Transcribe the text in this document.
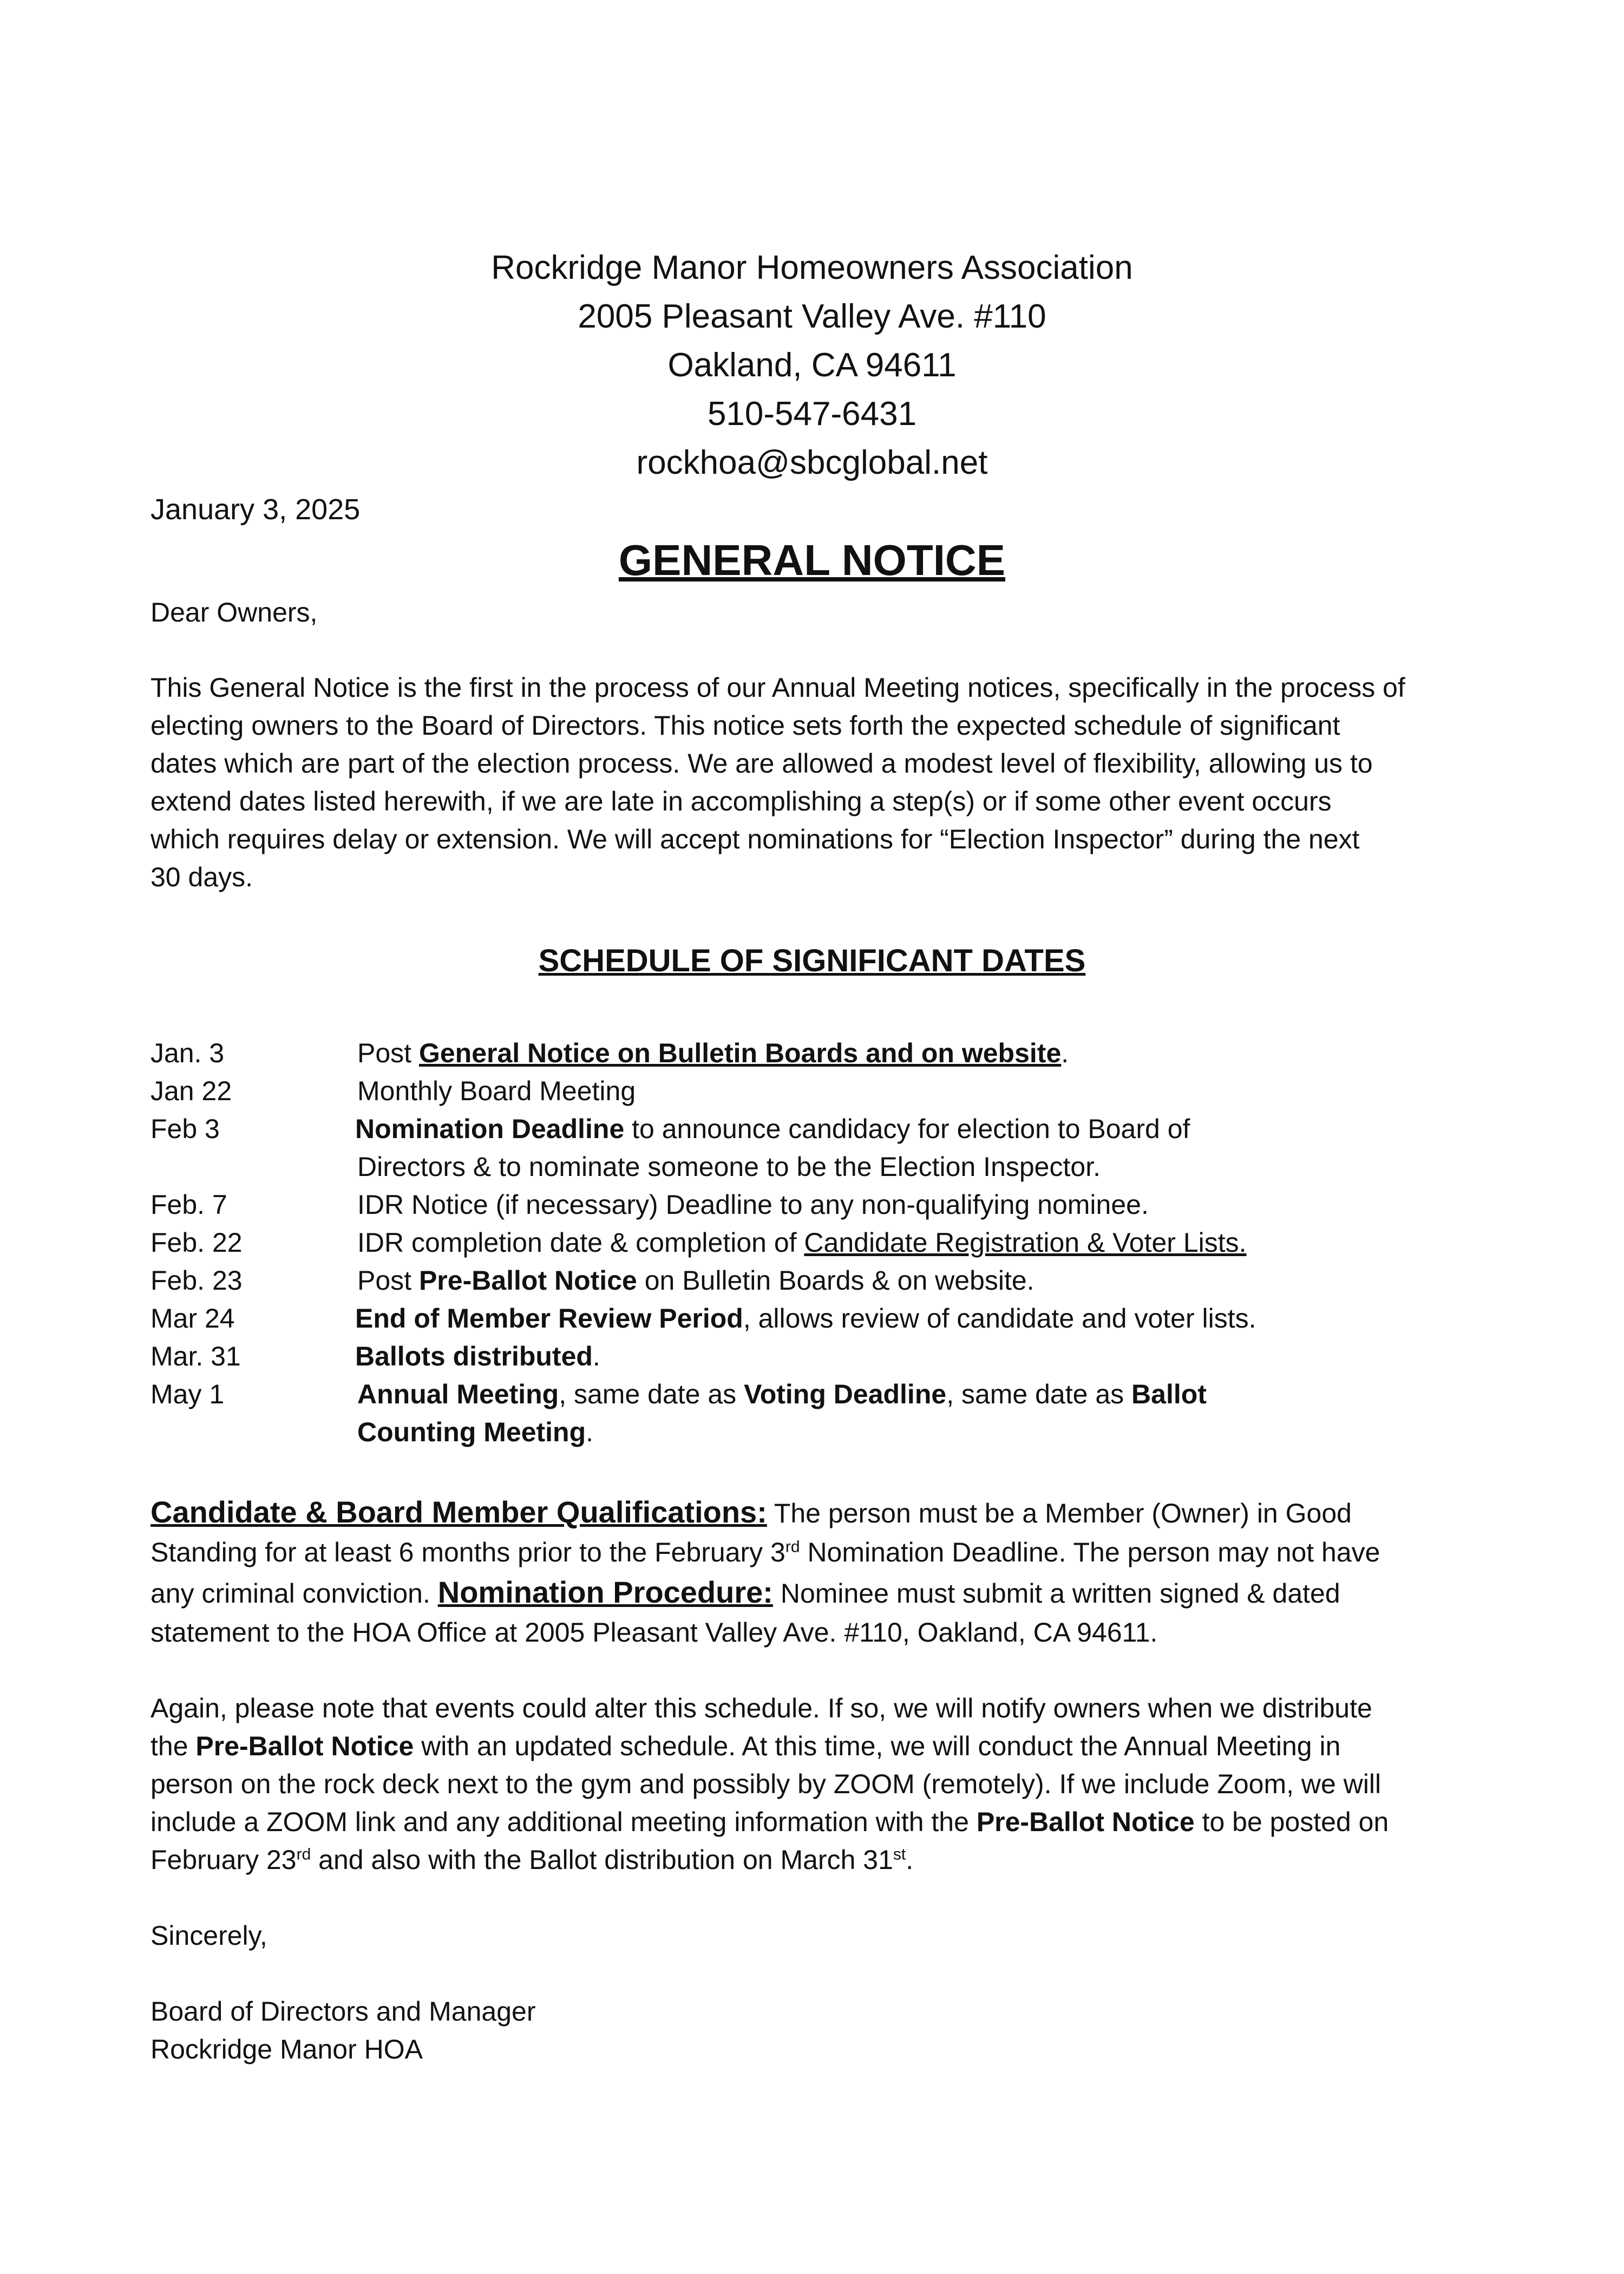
Rockridge Manor Homeowners Association
2005 Pleasant Valley Ave. #110
Oakland, CA 94611
510-547-6431
rockhoa@sbcglobal.net
January 3, 2025
GENERAL NOTICE
Dear Owners,
This General Notice is the first in the process of our Annual Meeting notices, specifically in the process of
electing owners to the Board of Directors. This notice sets forth the expected schedule of significant
dates which are part of the election process. We are allowed a modest level of flexibility, allowing us to
extend dates listed herewith, if we are late in accomplishing a step(s) or if some other event occurs
which requires delay or extension. We will accept nominations for “Election Inspector” during the next
30 days.
SCHEDULE OF SIGNIFICANT DATES
Jan. 3	Post General Notice on Bulletin Boards and on website.
Jan 22	Monthly Board Meeting
Feb 3	Nomination Deadline to announce candidacy for election to Board of
Directors & to nominate someone to be the Election Inspector.
Feb. 7	IDR Notice (if necessary) Deadline to any non-qualifying nominee.
Feb. 22	IDR completion date & completion of Candidate Registration & Voter Lists.
Feb. 23	Post Pre-Ballot Notice on Bulletin Boards & on website.
Mar 24	End of Member Review Period, allows review of candidate and voter lists.
Mar. 31	Ballots distributed.
May 1	Annual Meeting, same date as Voting Deadline, same date as Ballot
Counting Meeting.
Candidate & Board Member Qualifications: The person must be a Member (Owner) in Good
Standing for at least 6 months prior to the February 3rd Nomination Deadline. The person may not have
any criminal conviction. Nomination Procedure: Nominee must submit a written signed & dated
statement to the HOA Office at 2005 Pleasant Valley Ave. #110, Oakland, CA 94611.
Again, please note that events could alter this schedule. If so, we will notify owners when we distribute
the Pre-Ballot Notice with an updated schedule. At this time, we will conduct the Annual Meeting in
person on the rock deck next to the gym and possibly by ZOOM (remotely). If we include Zoom, we will
include a ZOOM link and any additional meeting information with the Pre-Ballot Notice to be posted on
February 23rd and also with the Ballot distribution on March 31st.
Sincerely,
Board of Directors and Manager
Rockridge Manor HOA
